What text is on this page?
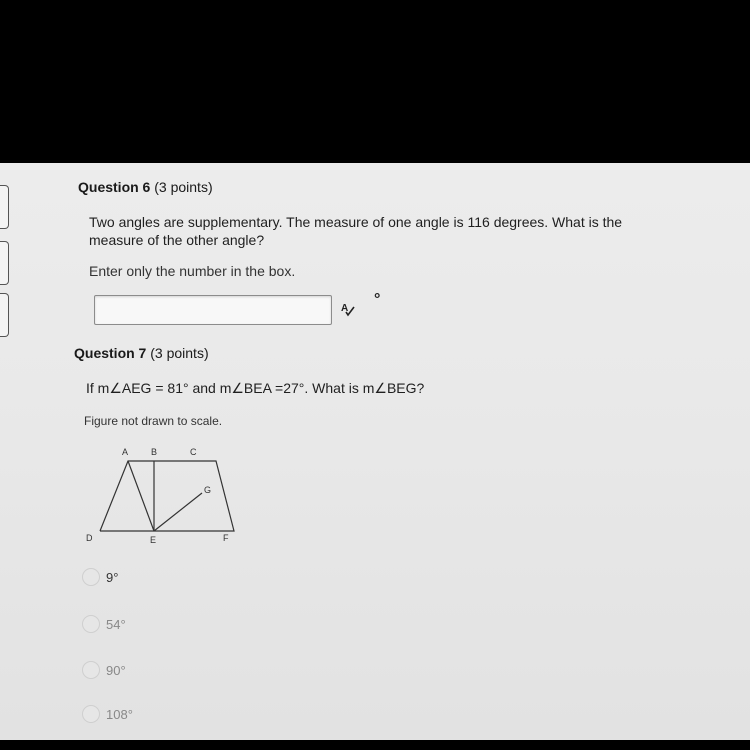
Question 6 (3 points)
Two angles are supplementary. The measure of one angle is 116 degrees. What is the measure of the other angle?
Enter only the number in the box.
A
°
Question 7 (3 points)
If m∠AEG = 81° and m∠BEA =27°. What is m∠BEG?
Figure not drawn to scale.
A	B	C
G
D	E	F
9°
54°
90°
108°
